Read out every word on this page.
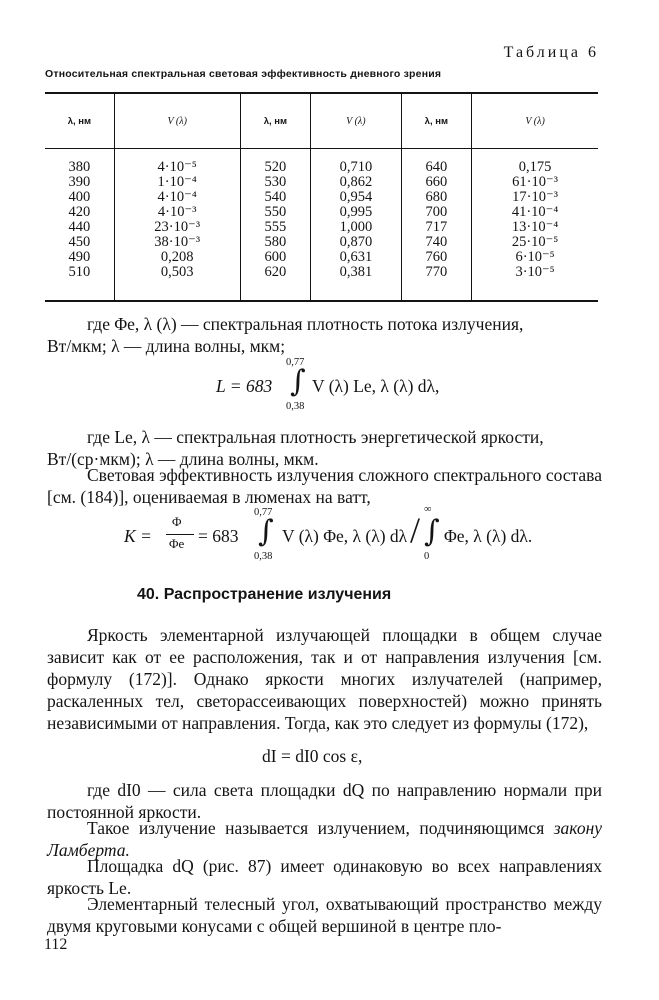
Таблица 6
Относительная спектральная световая эффективность дневного зрения
λ, нм	V (λ)	λ, нм	V (λ)	λ, нм	V (λ)
380	4·10⁻⁵	520	0,710	640	0,175
390	1·10⁻⁴	530	0,862	660	61·10⁻³
400	4·10⁻⁴	540	0,954	680	17·10⁻³
420	4·10⁻³	550	0,995	700	41·10⁻⁴
440	23·10⁻³	555	1,000	717	13·10⁻⁴
450	38·10⁻³	580	0,870	740	25·10⁻⁵
490	0,208	600	0,631	760	6·10⁻⁵
510	0,503	620	0,381	770	3·10⁻⁵

где Φe, λ (λ) — спектральная плотность потока излучения,

Вт/мкм; λ — длина волны, мкм;

L = 683 ∫
0,77
0,38
V (λ) Le, λ (λ) dλ,

где Le, λ — спектральная плотность энергетической яркости,

Вт/(ср·мкм); λ — длина волны, мкм.

Световая эффективность излучения сложного спектрального состава [см. (184)], оцениваемая в люменах на ватт,
K =
Φ
Φe = 683 ∫
0,77
0,38
V (λ) Φe, λ (λ) dλ / ∫
∞
0
Φe, λ (λ) dλ.
40. Распространение излучения
Яркость элементарной излучающей площадки в общем случае зависит как от ее расположения, так и от направления излучения [см. формулу (172)]. Однако яркости многих излучателей (например, раскаленных тел, светорассеивающих поверхностей) можно принять независимыми от направления. Тогда, как это следует из формулы (172),
dI = dI0 cos ε,
где dI0 — сила света площадки dQ по направлению нормали при постоянной яркости.
Такое излучение называется излучением, подчиняющимся закону Ламберта.
Площадка dQ (рис. 87) имеет одинаковую во всех направлениях яркость Le.
Элементарный телесный угол, охватывающий пространство между двумя круговыми конусами с общей вершиной в центре пло-
112
